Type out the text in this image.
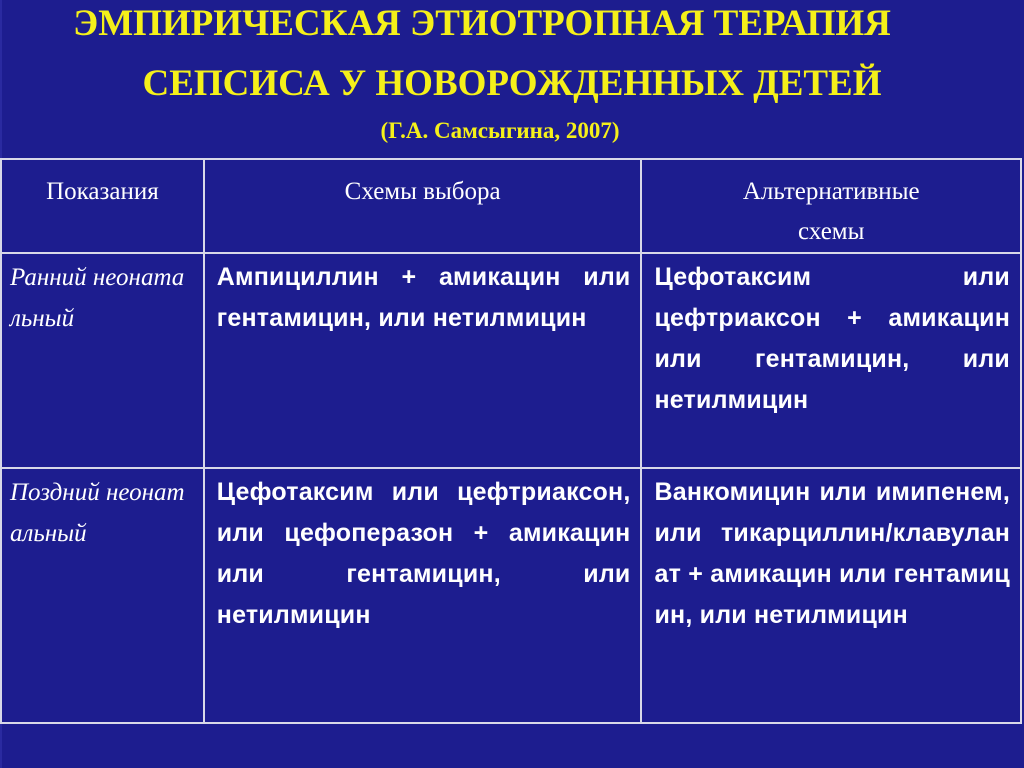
ЭМПИРИЧЕСКАЯ ЭТИОТРОПНАЯ ТЕРАПИЯ
СЕПСИСА У НОВОРОЖДЕННЫХ ДЕТЕЙ
(Г.А. Самсыгина, 2007)
Показания	Схемы выбора	Альтернативные схемы

Ранний неонатальный	Ампициллин + амикацин или гентамицин, или нетилмицин	Цефотаксим или цефтриаксон + амикацин или гентамицин, или нетилмицин

Поздний неонатальный	Цефотаксим или цефтриаксон, или цефоперазон + амикацин или гентамицин, или нетилмицин	Ванкомицин или имипенем, или тикарциллин/клавуланат + амикацин или гентамицин, или нетилмицин
